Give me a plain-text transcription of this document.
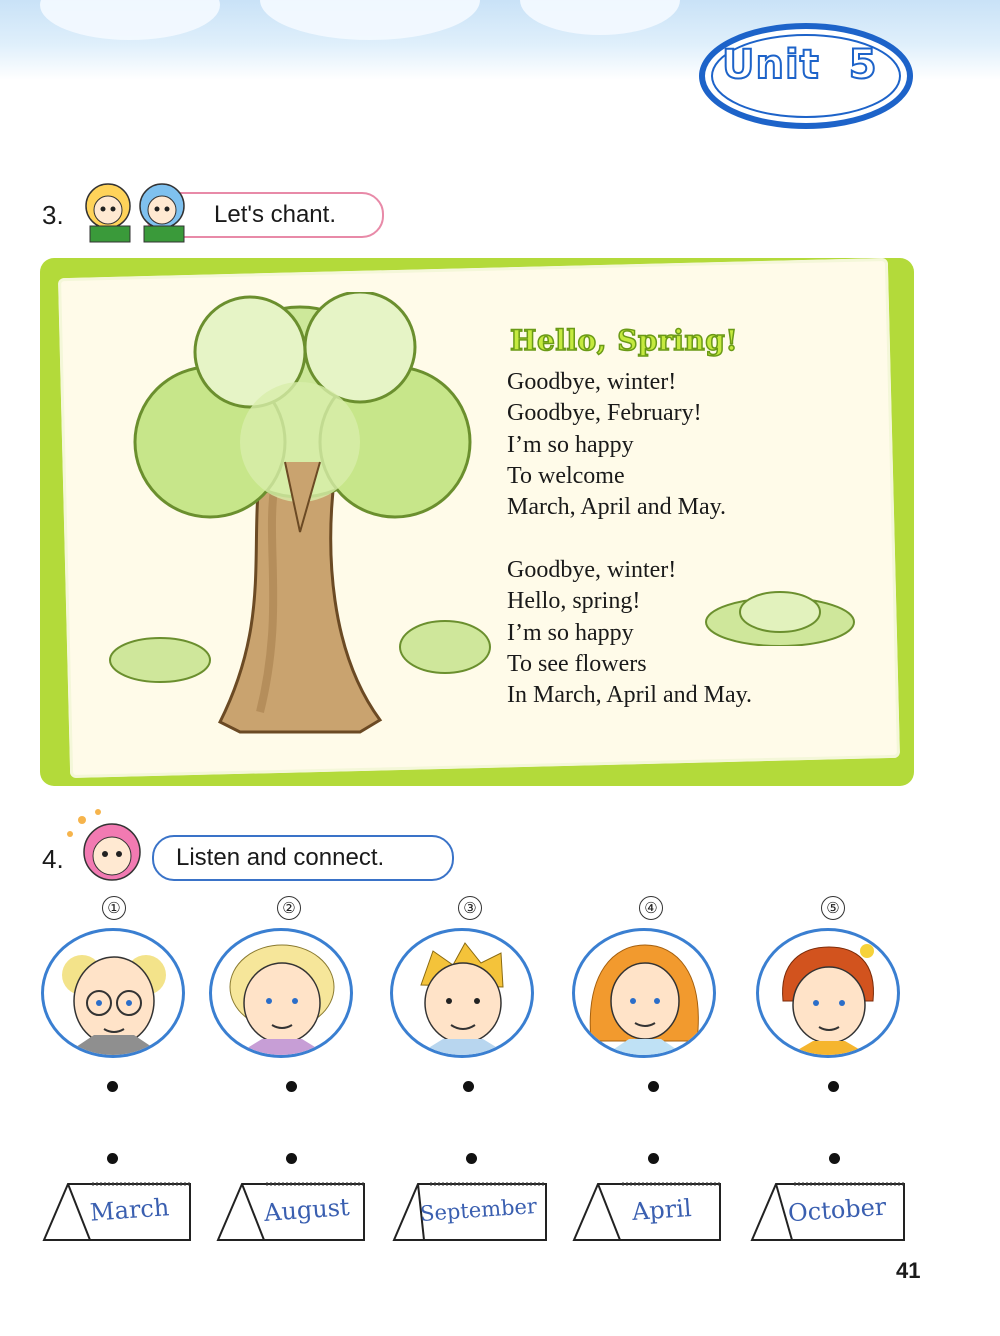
Unit 5
3.	Let's chant.
Hello, Spring!
Goodbye, winter!
Goodbye, February!
I’m so happy
To welcome
March, April and May.
Goodbye, winter!
Hello, spring!
I’m so happy
To see flowers
In March, April and May.
4.	Listen and connect.
①	②	③	④	⑤
March	August	September	April	October
41
